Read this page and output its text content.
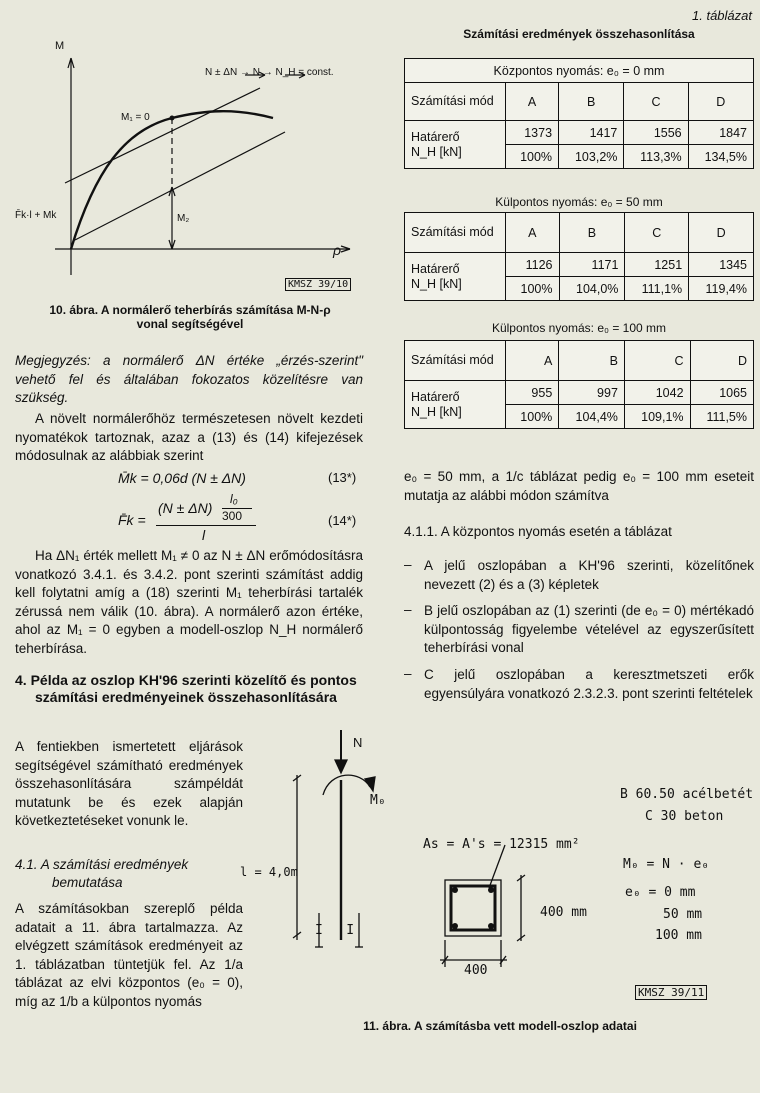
M
ρ
N ± ΔN → N → N_H = const.
M₁ = 0
F̄k·l + Mk	M₂
KMSZ 39/10
10. ábra. A normálerő teherbírás számítása M-N-ρ
vonal segítségével
Megjegyzés: a normálerő ΔN értéke „érzés-szerint" vehető fel és általában fokozatos közelítésre van szükség.
A növelt normálerőhöz természetesen növelt kezdeti nyomatékok tartoznak, azaz a (13) és (14) kifejezések módosulnak az alábbiak szerint
M̄k = 0,06d (N ± ΔN)	(13*)
F̄k =
(N ± ΔN)
l₀
300
l
(14*)
Ha ΔN₁ érték mellett M₁ ≠ 0 az N ± ΔN erőmódosításra vonatkozó 3.4.1. és 3.4.2. pont szerinti számítást addig kell folytatni amíg a (18) szerinti M₁ teherbírási tartalék zérussá nem válik (10. ábra). A normálerő azon értéke, ahol az M₁ = 0 egyben a modell-oszlop N_H normálerő teherbírása.
4. Példa az oszlop KH'96 szerinti közelítő és pontos számítási eredményeinek összehasonlítására
A fentiekben ismertetett eljárások segítségével számítható eredmények összehasonlítására számpéldát mutatunk be és ezek alapján következtetéseket vonunk le.
4.1. A számítási eredmények
bemutatása
A számításokban szereplő példa adatait a 11. ábra tartalmazza. Az elvégzett számítások eredményeit az 1. táblázatban tüntetjük fel. Az 1/a táblázat az elvi központos (e₀ = 0), míg az 1/b a külpontos nyomás
1. táblázat
Számítási eredmények összehasonlítása
Központos nyomás: e₀ = 0 mm				
Számítási mód	A	B	C	D

Határerő
N_H [kN]	1373	1417	1556	1847
	100%	103,2%	113,3%	134,5%
Külpontos nyomás: e₀ = 50 mm
Számítási mód	A	B	C	D

Határerő
N_H [kN]	1126	1171	1251	1345
	100%	104,0%	111,1%	119,4%
Külpontos nyomás: e₀ = 100 mm
Számítási mód	A	B	C	D

Határerő
N_H [kN]	955	997	1042	1065
	100%	104,4%	109,1%	111,5%
e₀ = 50 mm, a 1/c táblázat pedig e₀ = 100 mm eseteit mutatja az alábbi módon számítva
4.1.1. A központos nyomás esetén a táblázat
– A jelű oszlopában a KH'96 szerinti, közelítőnek nevezett (2) és a (3) képletek
– B jelű oszlopában az (1) szerinti (de e₀ = 0) mértékadó külpontosság figyelembe vételével az egyszerűsített teherbírási vonal
– C jelű oszlopában a keresztmetszeti erők egyensúlyára vonatkozó 2.3.2.3. pont szerinti feltételek
N
M₀
l = 4,0m
I   I
B 60.50 acélbetét
C 30 beton
As = A's = 12315 mm²
M₀ = N · e₀
e₀ = 0 mm
50 mm
100 mm
400 mm
400
KMSZ 39/11
11. ábra. A számításba vett modell-oszlop adatai
